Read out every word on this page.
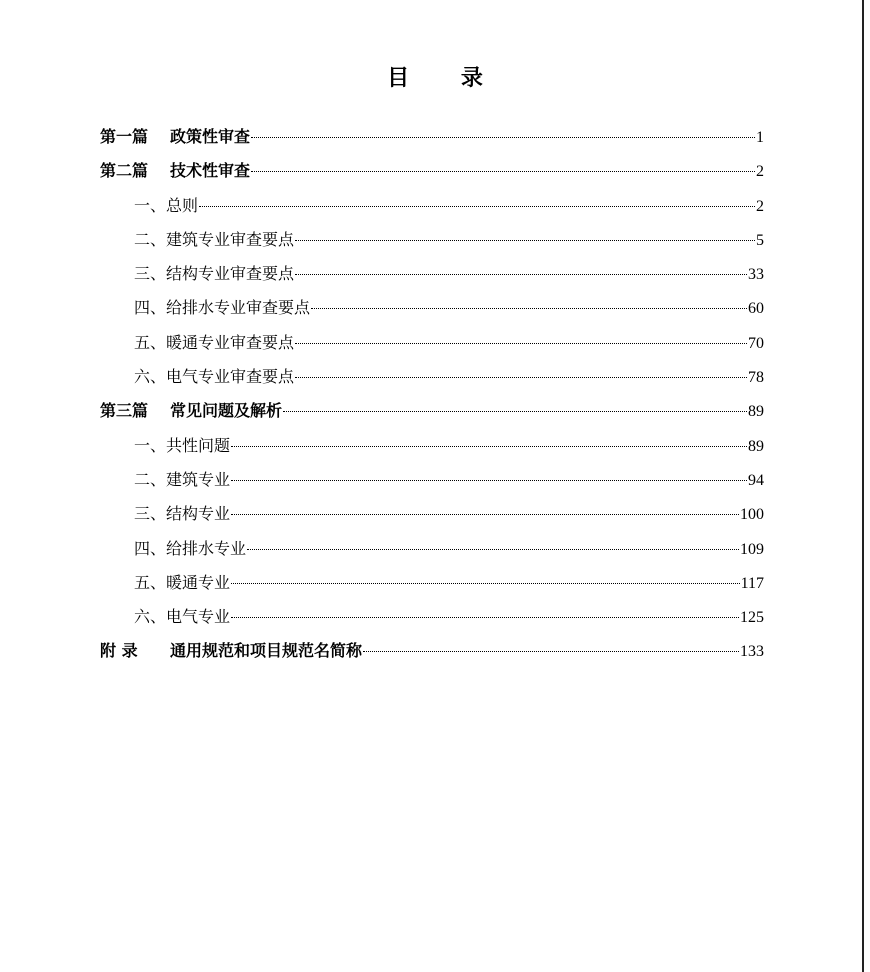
目 录
第一篇 政策性审查	1
第二篇 技术性审查	2
一、总则	2
二、建筑专业审查要点	5
三、结构专业审查要点	33
四、给排水专业审查要点	60
五、暖通专业审查要点	70
六、电气专业审查要点	78
第三篇 常见问题及解析	89
一、共性问题	89
二、建筑专业	94
三、结构专业	100
四、给排水专业	109
五、暖通专业	117
六、电气专业	125
附 录 通用规范和项目规范名简称	133
